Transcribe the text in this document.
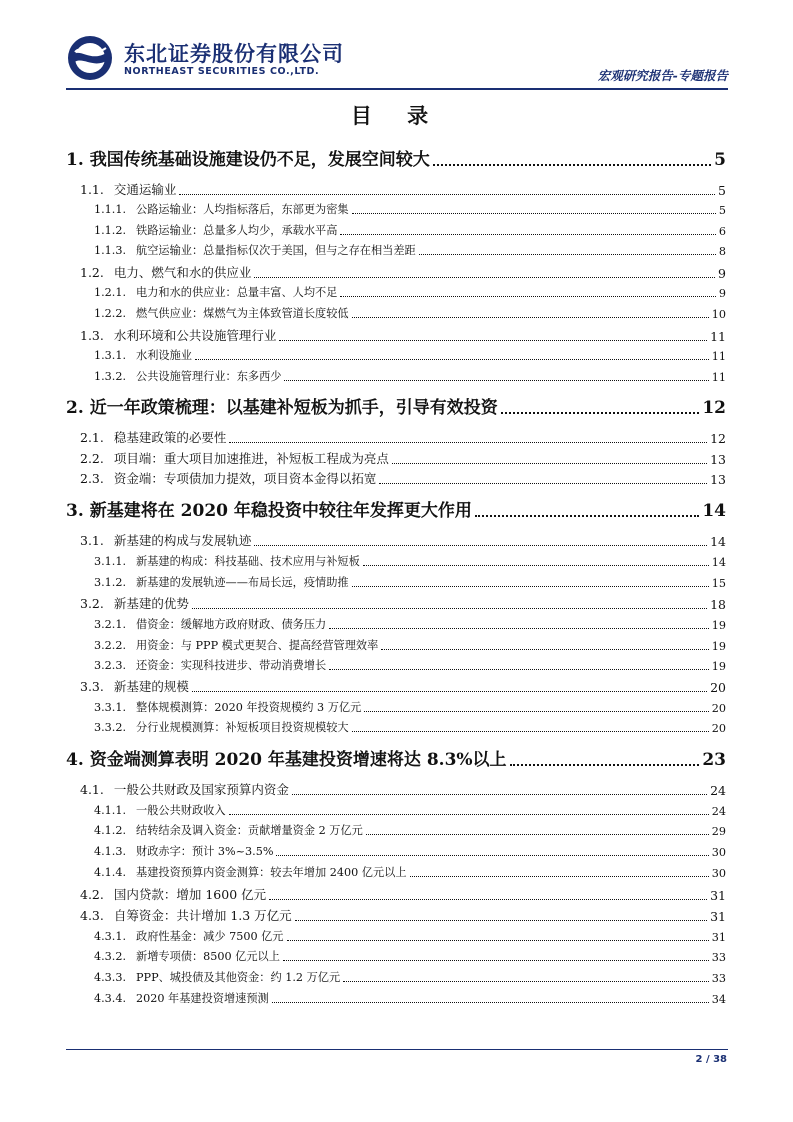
东北证券股份有限公司
NORTHEAST SECURITIES CO.,LTD.	宏观研究报告-专题报告
目 录
1. 我国传统基础设施建设仍不足，发展空间较大	5
1.1. 交通运输业	5
1.1.1. 公路运输业：人均指标落后，东部更为密集	5
1.1.2. 铁路运输业：总量多人均少，承载水平高	6
1.1.3. 航空运输业：总量指标仅次于美国，但与之存在相当差距	8
1.2. 电力、燃气和水的供应业	9
1.2.1. 电力和水的供应业：总量丰富、人均不足	9
1.2.2. 燃气供应业：煤燃气为主体致管道长度较低	10
1.3. 水利环境和公共设施管理行业	11
1.3.1. 水利设施业	11
1.3.2. 公共设施管理行业：东多西少	11
2. 近一年政策梳理：以基建补短板为抓手，引导有效投资	12
2.1. 稳基建政策的必要性	12
2.2. 项目端：重大项目加速推进，补短板工程成为亮点	13
2.3. 资金端：专项债加力提效，项目资本金得以拓宽	13
3. 新基建将在 2020 年稳投资中较往年发挥更大作用	14
3.1. 新基建的构成与发展轨迹	14
3.1.1. 新基建的构成：科技基础、技术应用与补短板	14
3.1.2. 新基建的发展轨迹——布局长远，疫情助推	15
3.2. 新基建的优势	18
3.2.1. 借资金：缓解地方政府财政、债务压力	19
3.2.2. 用资金：与 PPP 模式更契合、提高经营管理效率	19
3.2.3. 还资金：实现科技进步、带动消费增长	19
3.3. 新基建的规模	20
3.3.1. 整体规模测算：2020 年投资规模约 3 万亿元	20
3.3.2. 分行业规模测算：补短板项目投资规模较大	20
4. 资金端测算表明 2020 年基建投资增速将达 8.3%以上	23
4.1. 一般公共财政及国家预算内资金	24
4.1.1. 一般公共财政收入	24
4.1.2. 结转结余及调入资金：贡献增量资金 2 万亿元	29
4.1.3. 财政赤字：预计 3%~3.5%	30
4.1.4. 基建投资预算内资金测算：较去年增加 2400 亿元以上	30
4.2. 国内贷款：增加 1600 亿元	31
4.3. 自筹资金：共计增加 1.3 万亿元	31
4.3.1. 政府性基金：减少 7500 亿元	31
4.3.2. 新增专项债：8500 亿元以上	33
4.3.3. PPP、城投债及其他资金：约 1.2 万亿元	33
4.3.4. 2020 年基建投资增速预测	34
2 / 38
